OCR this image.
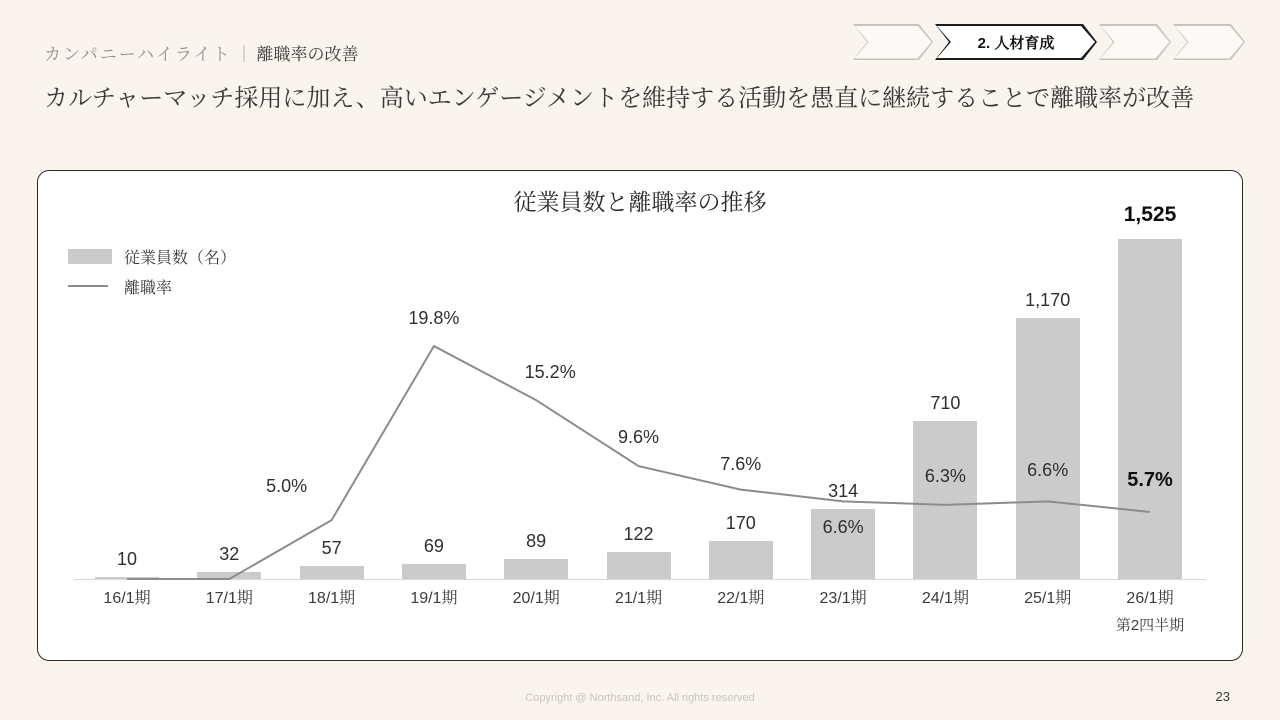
カンパニーハイライト ｜ 離職率の改善
カルチャーマッチ採用に加え、高いエンゲージメントを維持する活動を愚直に継続することで離職率が改善
2. 人材育成
従業員数と離職率の推移
従業員数（名）
離職率
10
16/1期
32
17/1期
57
18/1期
69
19/1期
89
20/1期
122
21/1期
170
22/1期
314
23/1期
710
24/1期
1,170
25/1期
1,525
26/1期
第2四半期
5.0%
19.8%
15.2%
9.6%
7.6%
6.6%
6.3%	6.6%	5.7%
Copyright @ Northsand, Inc. All rights reserved	23
